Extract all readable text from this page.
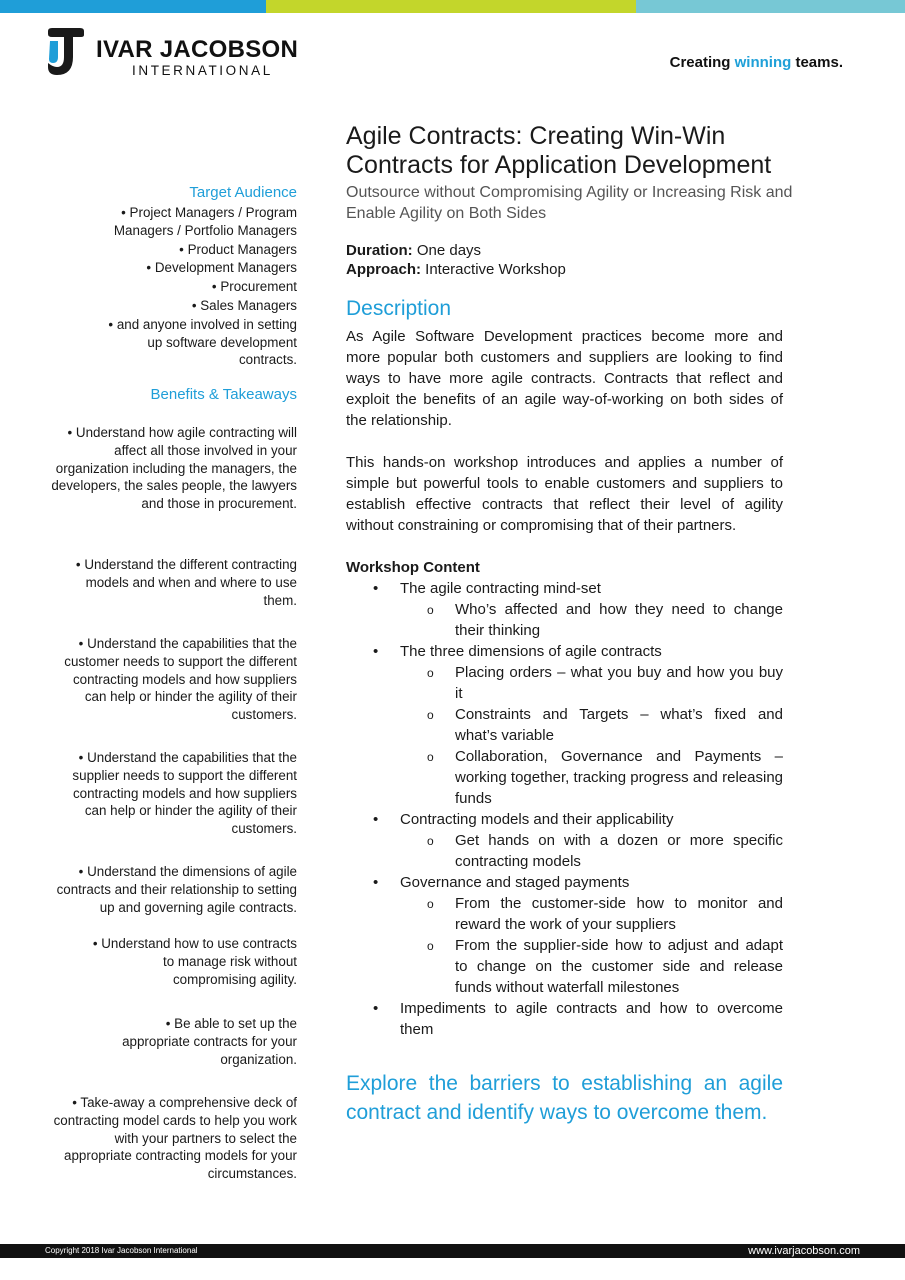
IVAR JACOBSON
INTERNATIONAL	Creating winning teams.
Target Audience
• Project Managers / Program Managers / Portfolio Managers
• Product Managers
• Development Managers
• Procurement
• Sales Managers
• and anyone involved in setting up software development contracts.
Benefits & Takeaways
• Understand how agile contracting will affect all those involved in your organization including the managers, the developers, the sales people, the lawyers and those in procurement.
• Understand the different contracting models and when and where to use them.
• Understand the capabilities that the customer needs to support the different contracting models and how suppliers can help or hinder the agility of their customers.
• Understand the capabilities that the supplier needs to support the different contracting models and how suppliers can help or hinder the agility of their customers.
• Understand the dimensions of agile contracts and their relationship to setting up and governing agile contracts.
• Understand how to use contracts to manage risk without compromising agility.
• Be able to set up the appropriate contracts for your organization.
• Take-away a comprehensive deck of contracting model cards to help you work with your partners to select the appropriate contracting models for your circumstances.
Agile Contracts: Creating Win-Win Contracts for Application Development

Outsource without Compromising Agility or Increasing Risk and Enable Agility on Both Sides

Duration: One days
Approach: Interactive Workshop
Description

As Agile Software Development practices become more and more popular both customers and suppliers are looking to find ways to have more agile contracts. Contracts that reflect and exploit the benefits of an agile way-of-working on both sides of the relationship.

This hands-on workshop introduces and applies a number of simple but powerful tools to enable customers and suppliers to establish effective contracts that reflect their level of agility without constraining or compromising that of their partners.

Workshop Content
• The agile contracting mind-set
o Who’s affected and how they need to change their thinking
• The three dimensions of agile contracts
o Placing orders – what you buy and how you buy it
o Constraints and Targets – what’s fixed and what’s variable
o Collaboration, Governance and Payments – working together, tracking progress and releasing funds
• Contracting models and their applicability
o Get hands on with a dozen or more specific contracting models
• Governance and staged payments
o From the customer-side how to monitor and reward the work of your suppliers
o From the supplier-side how to adjust and adapt to change on the customer side and release funds without waterfall milestones
• Impediments to agile contracts and how to overcome them
Explore the barriers to establishing an agile contract and identify ways to overcome them.
Copyright 2018 Ivar Jacobson International	www.ivarjacobson.com
